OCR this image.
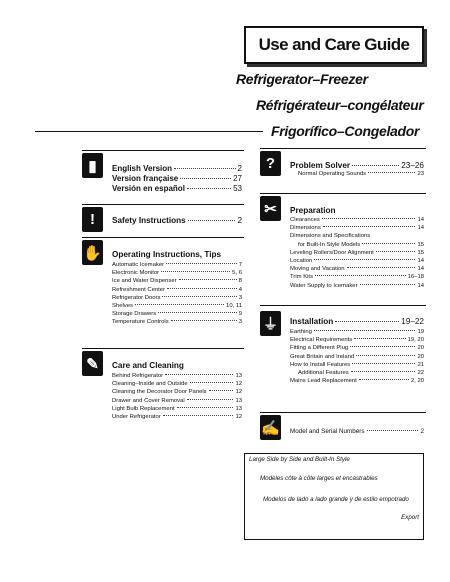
Use and Care Guide
Refrigerator–Freezer
Réfrigérateur–congélateur
Frigorífico–Congelador
▮	English Version	2
Version française	27
Versión en español	53
!	Safety Instructions	2
✋ Operating Instructions, Tips
Automatic Icemaker	7
Electronic Monitor	5, 6
Ice and Water Dispenser	8
Refreshment Center	4
Refrigerator Doors	3
Shelves	10, 11
Storage Drawers	9
Temperature Controls	3
✎	Care and Cleaning
Behind Refrigerator	13
Cleaning–Inside and Outside	12
Cleaning the Decorator Door Panels	12
Drawer and Cover Removal	13
Light Bulb Replacement	13
Under Refrigerator	12
?	Problem Solver	23–26
Normal Operating Sounds	23
✂	Preparation
Clearances	14
Dimensions	14
Dimensions and Specifications
for Built-In Style Models	15
Leveling Rollers/Door Alignment	15
Location	14
Moving and Vacation	14
Trim Kits	16–18
Water Supply to Icemaker	14
⏚	Installation	19–22
Earthing	19
Electrical Requirements	19, 20
Fitting a Different Plug	20
Great Britain and Ireland	20
How to Install Features	21
Additional Features	22
Mains Lead Replacement	2, 20
✍ Model and Serial Numbers	2
Large Side by Side and Built-In Style
Modèles côte à côte larges et encastrables
Modelos de lado a lado grande y de estilo empotrado
Export
